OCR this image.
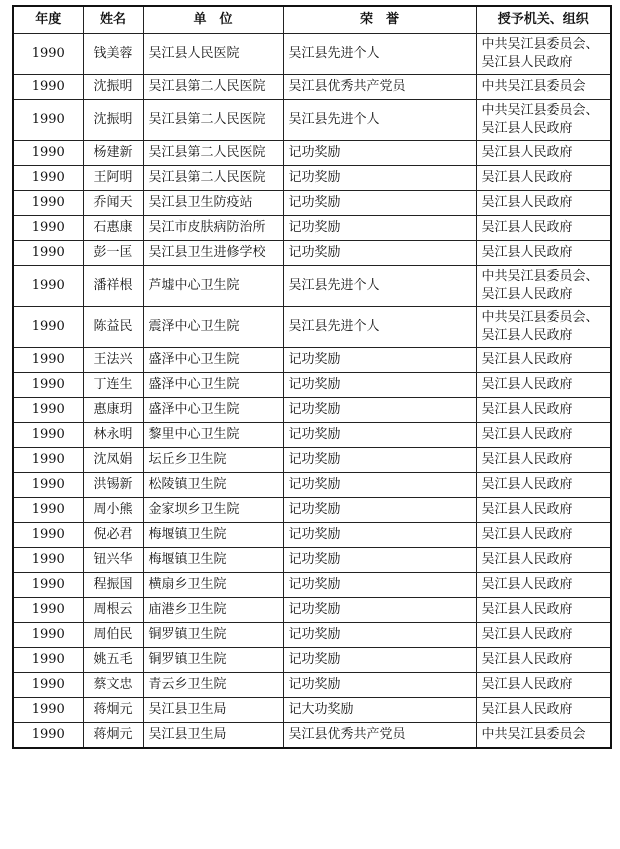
年度	姓名	单　位	荣　誉	授予机关、组织
1990	钱美蓉	吴江县人民医院	吴江县先进个人	中共吴江县委员会、
吴江县人民政府

1990	沈振明	吴江县第二人民医院	吴江县优秀共产党员	中共吴江县委员会

1990	沈振明	吴江县第二人民医院	吴江县先进个人	中共吴江县委员会、
吴江县人民政府

1990	杨建新	吴江县第二人民医院	记功奖励	吴江县人民政府

1990	王阿明	吴江县第二人民医院	记功奖励	吴江县人民政府

1990	乔闻天	吴江县卫生防疫站	记功奖励	吴江县人民政府

1990	石惠康	吴江市皮肤病防治所	记功奖励	吴江县人民政府

1990	彭一匡	吴江县卫生进修学校	记功奖励	吴江县人民政府

1990	潘祥根	芦墟中心卫生院	吴江县先进个人	中共吴江县委员会、
吴江县人民政府

1990	陈益民	震泽中心卫生院	吴江县先进个人	中共吴江县委员会、
吴江县人民政府

1990	王法兴	盛泽中心卫生院	记功奖励	吴江县人民政府

1990	丁连生	盛泽中心卫生院	记功奖励	吴江县人民政府

1990	惠康玥	盛泽中心卫生院	记功奖励	吴江县人民政府

1990	林永明	黎里中心卫生院	记功奖励	吴江县人民政府

1990	沈凤娟	坛丘乡卫生院	记功奖励	吴江县人民政府

1990	洪锡新	松陵镇卫生院	记功奖励	吴江县人民政府

1990	周小熊	金家坝乡卫生院	记功奖励	吴江县人民政府

1990	倪必君	梅堰镇卫生院	记功奖励	吴江县人民政府

1990	钮兴华	梅堰镇卫生院	记功奖励	吴江县人民政府

1990	程振国	横扇乡卫生院	记功奖励	吴江县人民政府

1990	周根云	庙港乡卫生院	记功奖励	吴江县人民政府

1990	周伯民	铜罗镇卫生院	记功奖励	吴江县人民政府

1990	姚五毛	铜罗镇卫生院	记功奖励	吴江县人民政府

1990	蔡文忠	青云乡卫生院	记功奖励	吴江县人民政府

1990	蒋炯元	吴江县卫生局	记大功奖励	吴江县人民政府

1990	蒋炯元	吴江县卫生局	吴江县优秀共产党员	中共吴江县委员会
